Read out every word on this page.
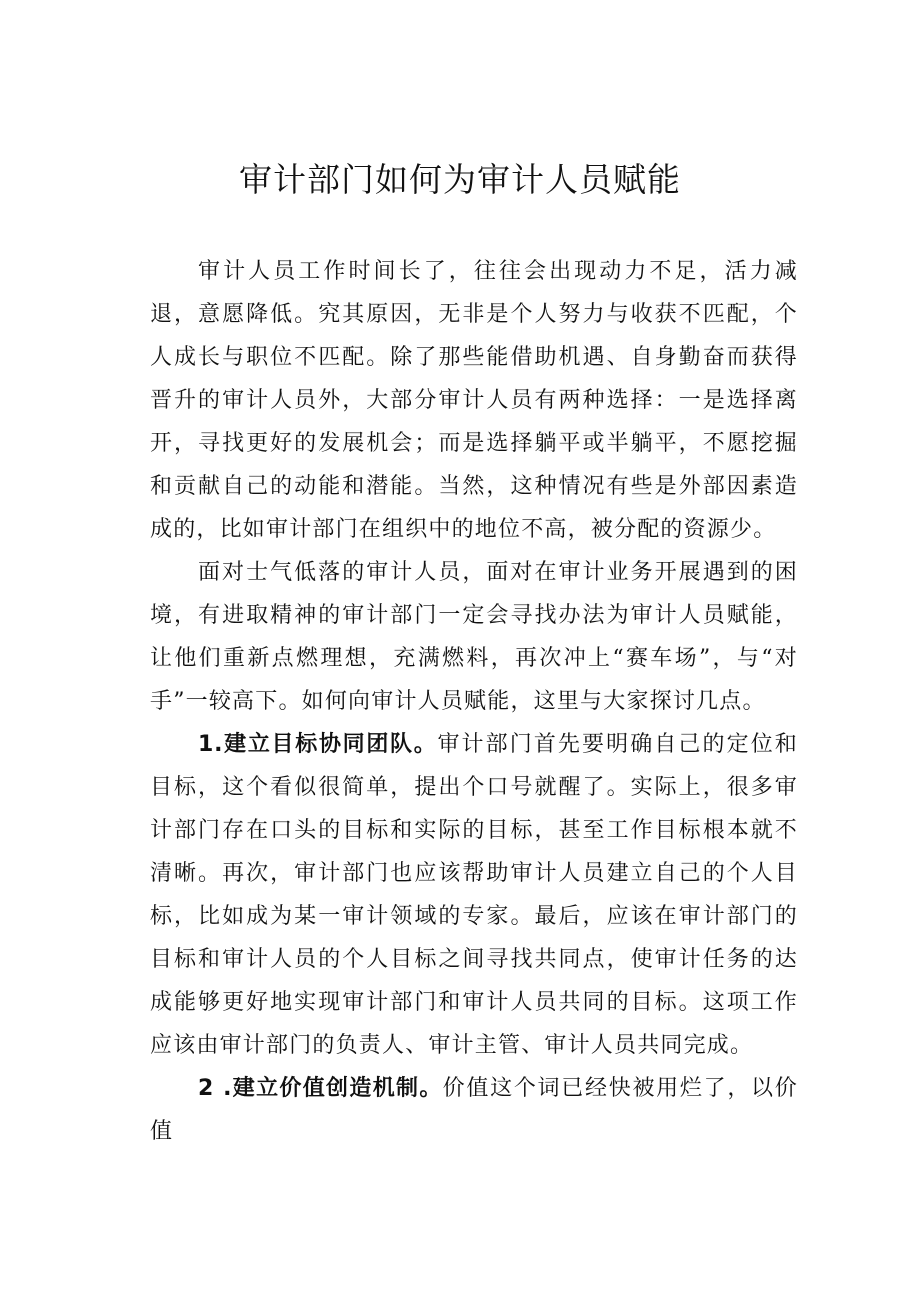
审计部门如何为审计人员赋能

审计人员工作时间长了，往往会出现动力不足，活力减退，意愿降低。究其原因，无非是个人努力与收获不匹配，个人成长与职位不匹配。除了那些能借助机遇、自身勤奋而获得晋升的审计人员外，大部分审计人员有两种选择：一是选择离开，寻找更好的发展机会；而是选择躺平或半躺平，不愿挖掘和贡献自己的动能和潜能。当然，这种情况有些是外部因素造成的，比如审计部门在组织中的地位不高，被分配的资源少。

面对士气低落的审计人员，面对在审计业务开展遇到的困境，有进取精神的审计部门一定会寻找办法为审计人员赋能，让他们重新点燃理想，充满燃料，再次冲上“赛车场”，与“对手”一较高下。如何向审计人员赋能，这里与大家探讨几点。

1.建立目标协同团队。审计部门首先要明确自己的定位和目标，这个看似很简单，提出个口号就醒了。实际上，很多审计部门存在口头的目标和实际的目标，甚至工作目标根本就不清晰。再次，审计部门也应该帮助审计人员建立自己的个人目标，比如成为某一审计领域的专家。最后，应该在审计部门的目标和审计人员的个人目标之间寻找共同点，使审计任务的达成能够更好地实现审计部门和审计人员共同的目标。这项工作应该由审计部门的负责人、审计主管、审计人员共同完成。

2 .建立价值创造机制。价值这个词已经快被用烂了，以价值
